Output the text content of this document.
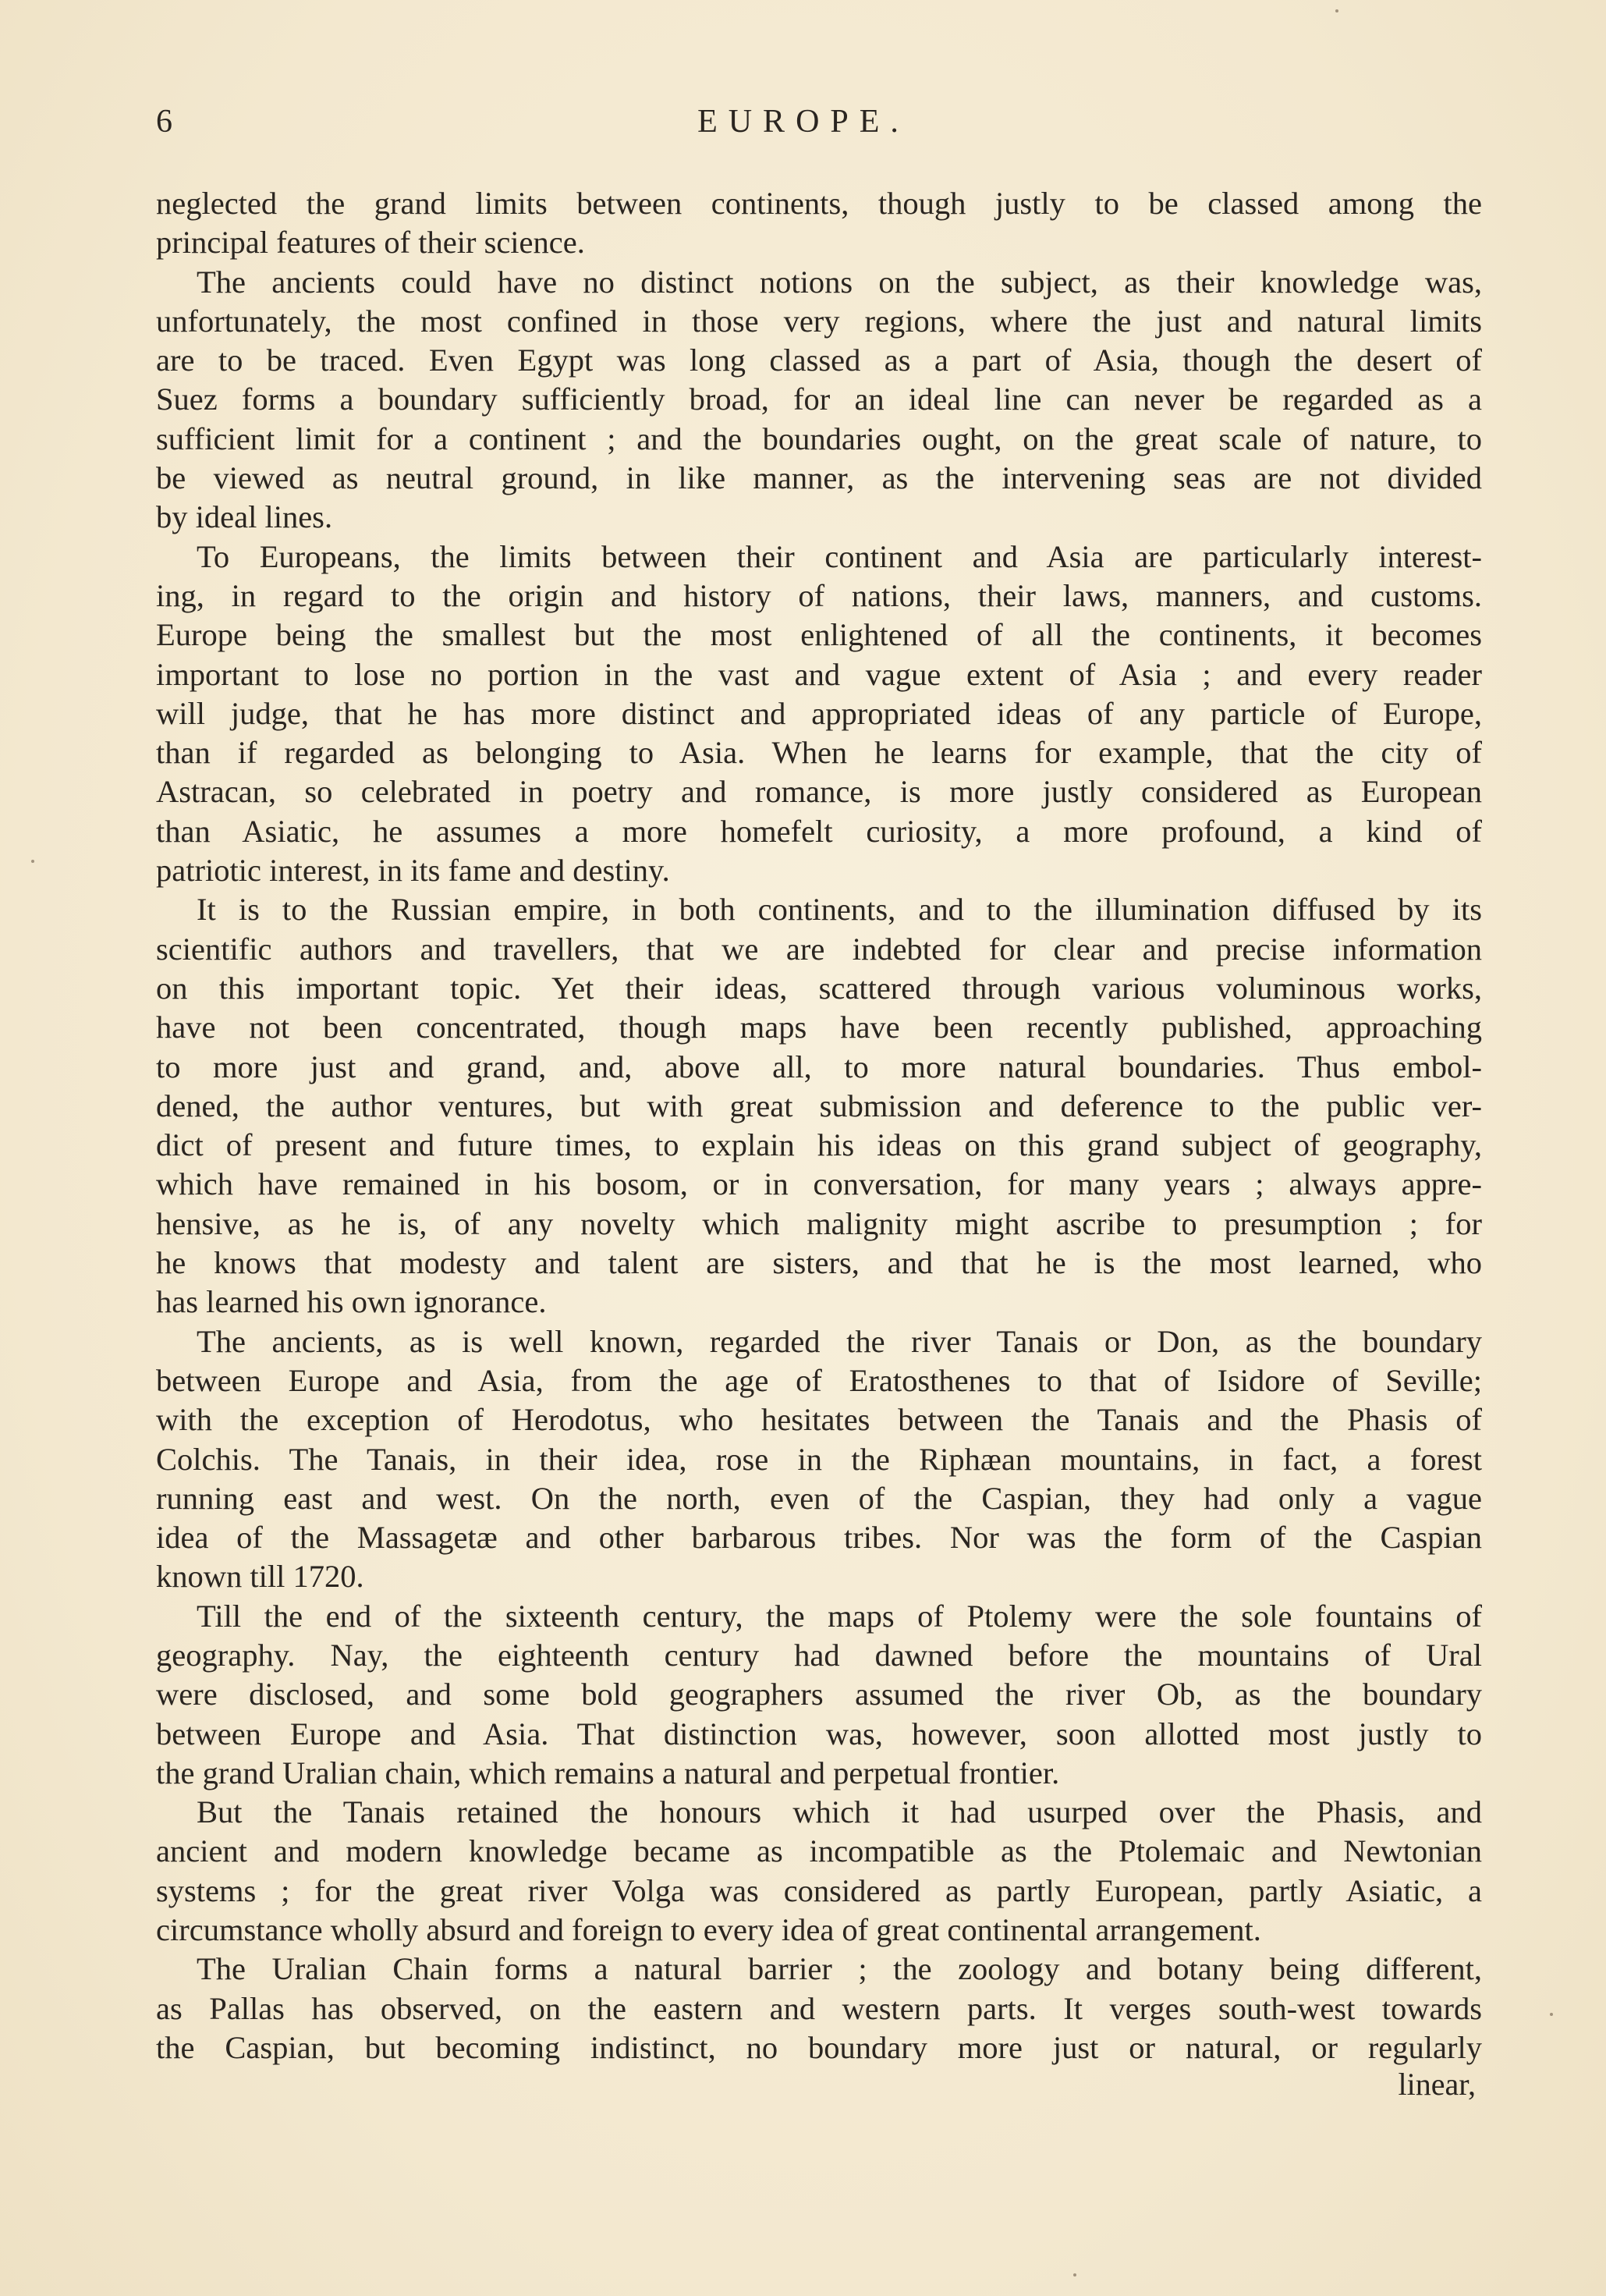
6	EUROPE.

neglected the grand limits between continents, though justly to be classed among the
principal features of their science.

The ancients could have no distinct notions on the subject, as their knowledge was,
unfortunately, the most confined in those very regions, where the just and natural limits
are to be traced. Even Egypt was long classed as a part of Asia, though the desert of
Suez forms a boundary sufficiently broad, for an ideal line can never be regarded as a
sufficient limit for a continent ; and the boundaries ought, on the great scale of nature, to
be viewed as neutral ground, in like manner, as the intervening seas are not divided
by ideal lines.

To Europeans, the limits between their continent and Asia are particularly interest-
ing, in regard to the origin and history of nations, their laws, manners, and customs.
Europe being the smallest but the most enlightened of all the continents, it becomes
important to lose no portion in the vast and vague extent of Asia ; and every reader
will judge, that he has more distinct and appropriated ideas of any particle of Europe,
than if regarded as belonging to Asia. When he learns for example, that the city of
Astracan, so celebrated in poetry and romance, is more justly considered as European
than Asiatic, he assumes a more homefelt curiosity, a more profound, a kind of
patriotic interest, in its fame and destiny.

It is to the Russian empire, in both continents, and to the illumination diffused by its
scientific authors and travellers, that we are indebted for clear and precise information
on this important topic. Yet their ideas, scattered through various voluminous works,
have not been concentrated, though maps have been recently published, approaching
to more just and grand, and, above all, to more natural boundaries. Thus embol-
dened, the author ventures, but with great submission and deference to the public ver-
dict of present and future times, to explain his ideas on this grand subject of geography,
which have remained in his bosom, or in conversation, for many years ; always appre-
hensive, as he is, of any novelty which malignity might ascribe to presumption ; for
he knows that modesty and talent are sisters, and that he is the most learned, who
has learned his own ignorance.

The ancients, as is well known, regarded the river Tanais or Don, as the boundary
between Europe and Asia, from the age of Eratosthenes to that of Isidore of Seville;
with the exception of Herodotus, who hesitates between the Tanais and the Phasis of
Colchis. The Tanais, in their idea, rose in the Riphæan mountains, in fact, a forest
running east and west. On the north, even of the Caspian, they had only a vague
idea of the Massagetæ and other barbarous tribes. Nor was the form of the Caspian
known till 1720.

Till the end of the sixteenth century, the maps of Ptolemy were the sole fountains of
geography. Nay, the eighteenth century had dawned before the mountains of Ural
were disclosed, and some bold geographers assumed the river Ob, as the boundary
between Europe and Asia. That distinction was, however, soon allotted most justly to
the grand Uralian chain, which remains a natural and perpetual frontier.

But the Tanais retained the honours which it had usurped over the Phasis, and
ancient and modern knowledge became as incompatible as the Ptolemaic and Newtonian
systems ; for the great river Volga was considered as partly European, partly Asiatic, a
circumstance wholly absurd and foreign to every idea of great continental arrangement.

The Uralian Chain forms a natural barrier ; the zoology and botany being different,
as Pallas has observed, on the eastern and western parts. It verges south-west towards
the Caspian, but becoming indistinct, no boundary more just or natural, or regularly

linear,
